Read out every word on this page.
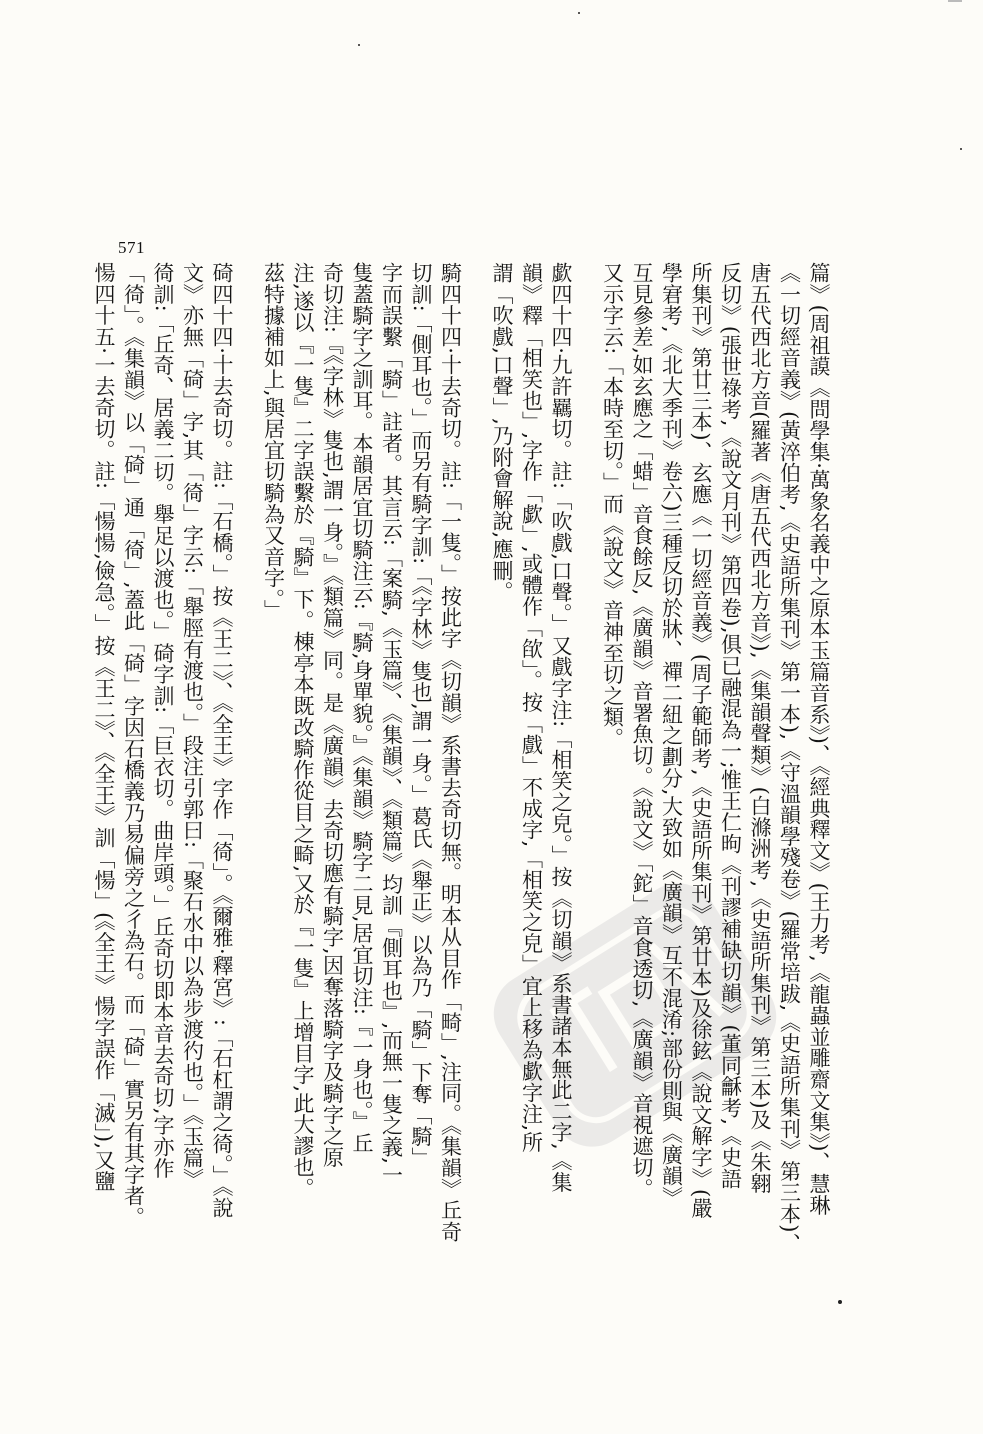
571
篇》(周祖謨《問學集·萬象名義中之原本玉篇音系》)、《經典釋文》(王力考,《龍蟲並雕齋文集》)、慧琳
《一切經音義》(黃淬伯考,《史語所集刊》第一本),《守溫韻學殘卷》(羅常培跋,《史語所集刊》第三本)、
唐五代西北方音(羅著《唐五代西北方音》),《集韻聲類》(白滌洲考,《史語所集刊》第三本)及《朱翱
反切》(張世祿考,《說文月刊》第四卷),俱已融混為一;惟王仁昫《刊謬補缺切韻》(董同龢考,《史語
所集刊》第廿三本)、玄應《一切經音義》(周子範師考,《史語所集刊》第廿本)及徐鉉《說文解字》(嚴
學宭考,《北大季刊》卷六)三種反切於牀、禪二紐之劃分,大致如《廣韻》互不混淆;部份則與《廣韻》
互見參差,如玄應之「蜡」音食餘反,《廣韻》音署魚切。《說文》「鉈」音食透切,《廣韻》音視遮切。
又示字云:「本時至切。」而《說文》音神至切之類。
歔四十四·九許羈切。註:「吹戲,口聲。」又戲字注:「相笑之皃。」按《切韻》系書諸本無此二字,《集
韻》釋「相笑也」,字作「歔」,或體作「欿」。按「戲」不成字,「相笑之皃」宜上移為歔字注,所
謂「吹戲,口聲」,乃附會解說,應刪。
騎四十四·十去奇切。註:「一隻。」按此字《切韻》系書去奇切無。明本从目作「畸」,注同。《集韻》丘奇
切訓:「側耳也。」而另有騎字訓:「《字林》隻也,謂一身。」葛氏《舉正》以為乃「騎」下奪「騎」
字而誤繫「騎」註者。其言云:「案騎,《玉篇》、《集韻》、《類篇》均訓『側耳也』,而無一隻之義,一
隻蓋騎字之訓耳。本韻居宜切騎注云:『騎,身單貌。』《集韻》騎字二見,居宜切注:『一身也。』丘
奇切注:『《字林》隻也,謂一身。』《類篇》同。是《廣韻》去奇切應有騎字,因奪落騎字及騎字之原
注,遂以『一隻』二字誤繫於『騎』下。棟亭本既改騎作從目之畸,又於『一隻』上增目字,此大謬也。
茲特據補如上,與居宜切騎為又音字。」
碕四十四·十去奇切。註:「石橋。」按《王二》、《全王》字作「徛」。《爾雅·釋宮》:「石杠謂之徛。」《說
文》亦無「碕」字,其「徛」字云:「舉脛有渡也。」段注引郭曰:「聚石水中以為步渡彴也。」《玉篇》
徛訓:「丘奇、居義二切。舉足以渡也。」碕字訓:「巨衣切。曲岸頭。」丘奇切即本音去奇切,字亦作
「徛」。《集韻》以「碕」通「徛」,蓋此「碕」字因石橋義乃易偏旁之彳為石。而「碕」實另有其字者。
愓四十五·一去奇切。註:「愓愓,儉急。」按《王二》、《全王》訓「愓」(《全王》愓字誤作「滅」),又鹽
